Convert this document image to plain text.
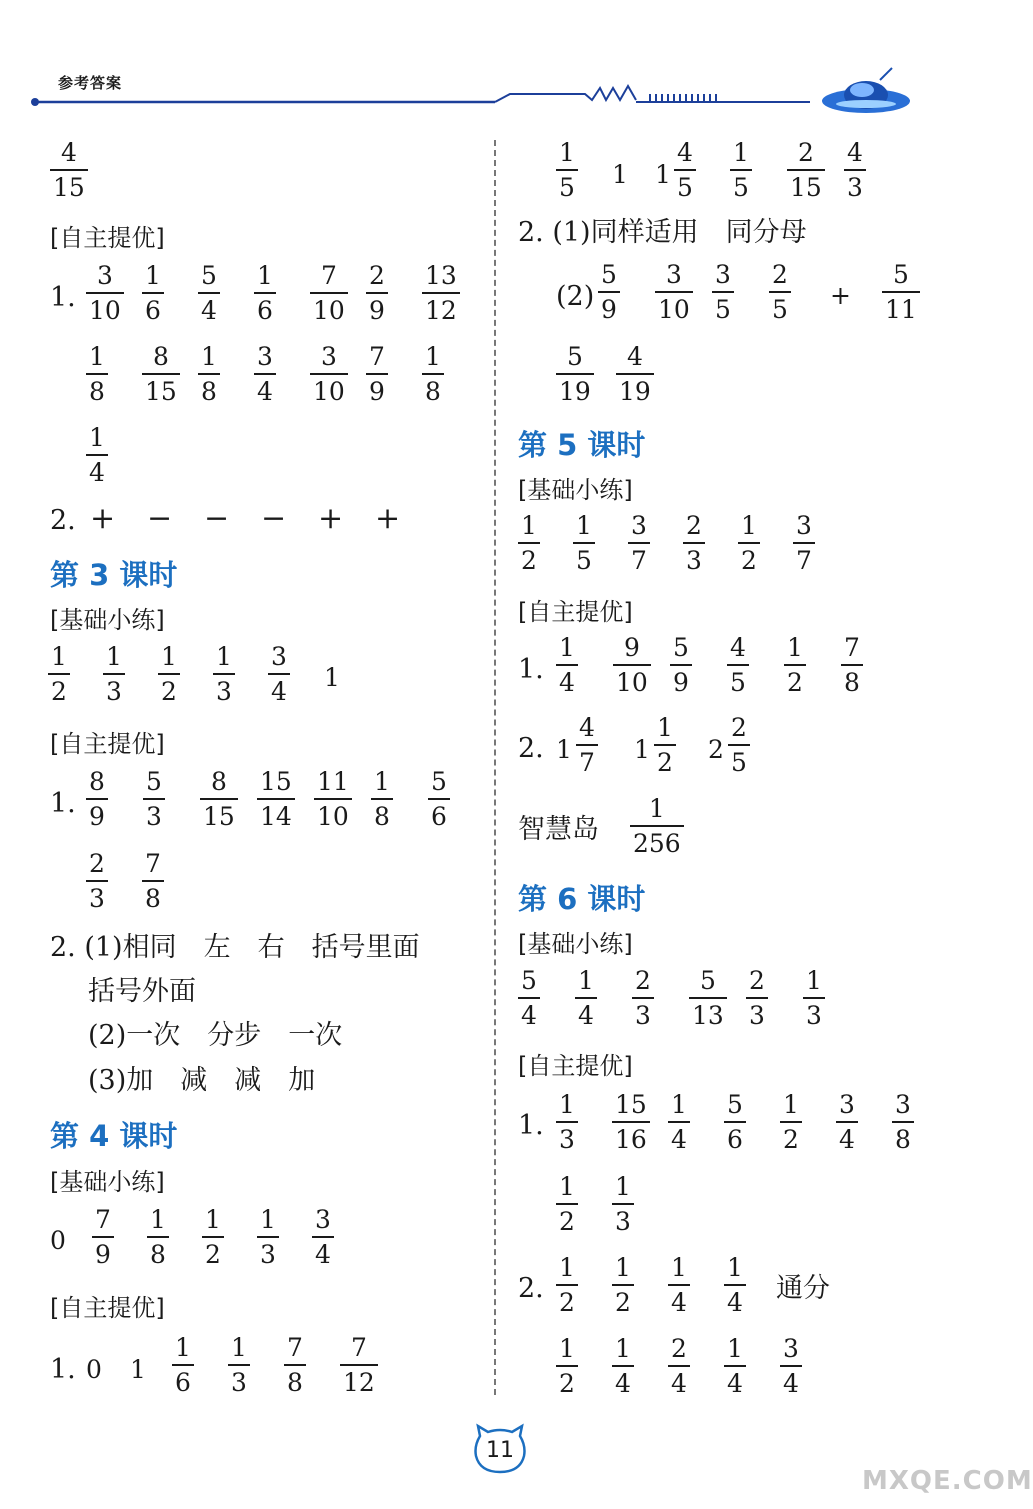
参考答案
$\frac{4}{15}$
[自主提优]
1. $\frac{3}{10} \frac{1}{6} \frac{5}{4} \frac{1}{6} \frac{7}{10} \frac{2}{9} \frac{13}{12}$
$\frac{1}{8} \frac{8}{15} \frac{1}{8} \frac{3}{4} \frac{3}{10} \frac{7}{9} \frac{1}{8}$
$\frac{1}{4}$
2. + − − − + +
第 3 课时
[基础小练]
$\frac{1}{2} \frac{1}{3} \frac{1}{2} \frac{1}{3} \frac{3}{4} 1$
[自主提优]
1. $\frac{8}{9} \frac{5}{3} \frac{8}{15} \frac{15}{14} \frac{11}{10} \frac{1}{8} \frac{5}{6}$
$\frac{2}{3} \frac{7}{8}$
2. (1)相同　左　右　括号里面
括号外面
(2)一次　分步　一次
(3)加　减　减　加
第 4 课时
[基础小练]
$0 \frac{7}{9} \frac{1}{8} \frac{1}{2} \frac{1}{3} \frac{3}{4}$
[自主提优]
1. 0 $1 \frac{1}{6} \frac{1}{3} \frac{7}{8} \frac{7}{12}$
$\frac{1}{5} 1$ $1 \frac{4}{5} \frac{1}{5} \frac{2}{15} \frac{4}{3}$
2. (1)同样适用　同分母
$(2) \frac{5}{9} \frac{3}{10} \frac{3}{5} \frac{2}{5} + \frac{5}{11}$
$\frac{5}{19} \frac{4}{19}$
第 5 课时
[基础小练]
$\frac{1}{2} \frac{1}{5} \frac{3}{7} \frac{2}{3} \frac{1}{2} \frac{3}{7}$
[自主提优]
1. $\frac{1}{4} \frac{9}{10} \frac{5}{9} \frac{4}{5} \frac{1}{2} \frac{7}{8}$
2. $1 \frac{4}{7} 1 \frac{1}{2} 2 \frac{2}{5}$
智慧岛 $\frac{1}{256}$
第 6 课时
[基础小练]
$\frac{5}{4} \frac{1}{4} \frac{2}{3} \frac{5}{13} \frac{2}{3} \frac{1}{3}$
[自主提优]
1. $\frac{1}{3} \frac{15}{16} \frac{1}{4} \frac{5}{6} \frac{1}{2} \frac{3}{4} \frac{3}{8}$
$\frac{1}{2} \frac{1}{3}$
2. $\frac{1}{2} \frac{1}{2} \frac{1}{4} \frac{1}{4}$ 通分
$\frac{1}{2} \frac{1}{4} \frac{2}{4} \frac{1}{4} \frac{3}{4}$
11
MXQE.COM
